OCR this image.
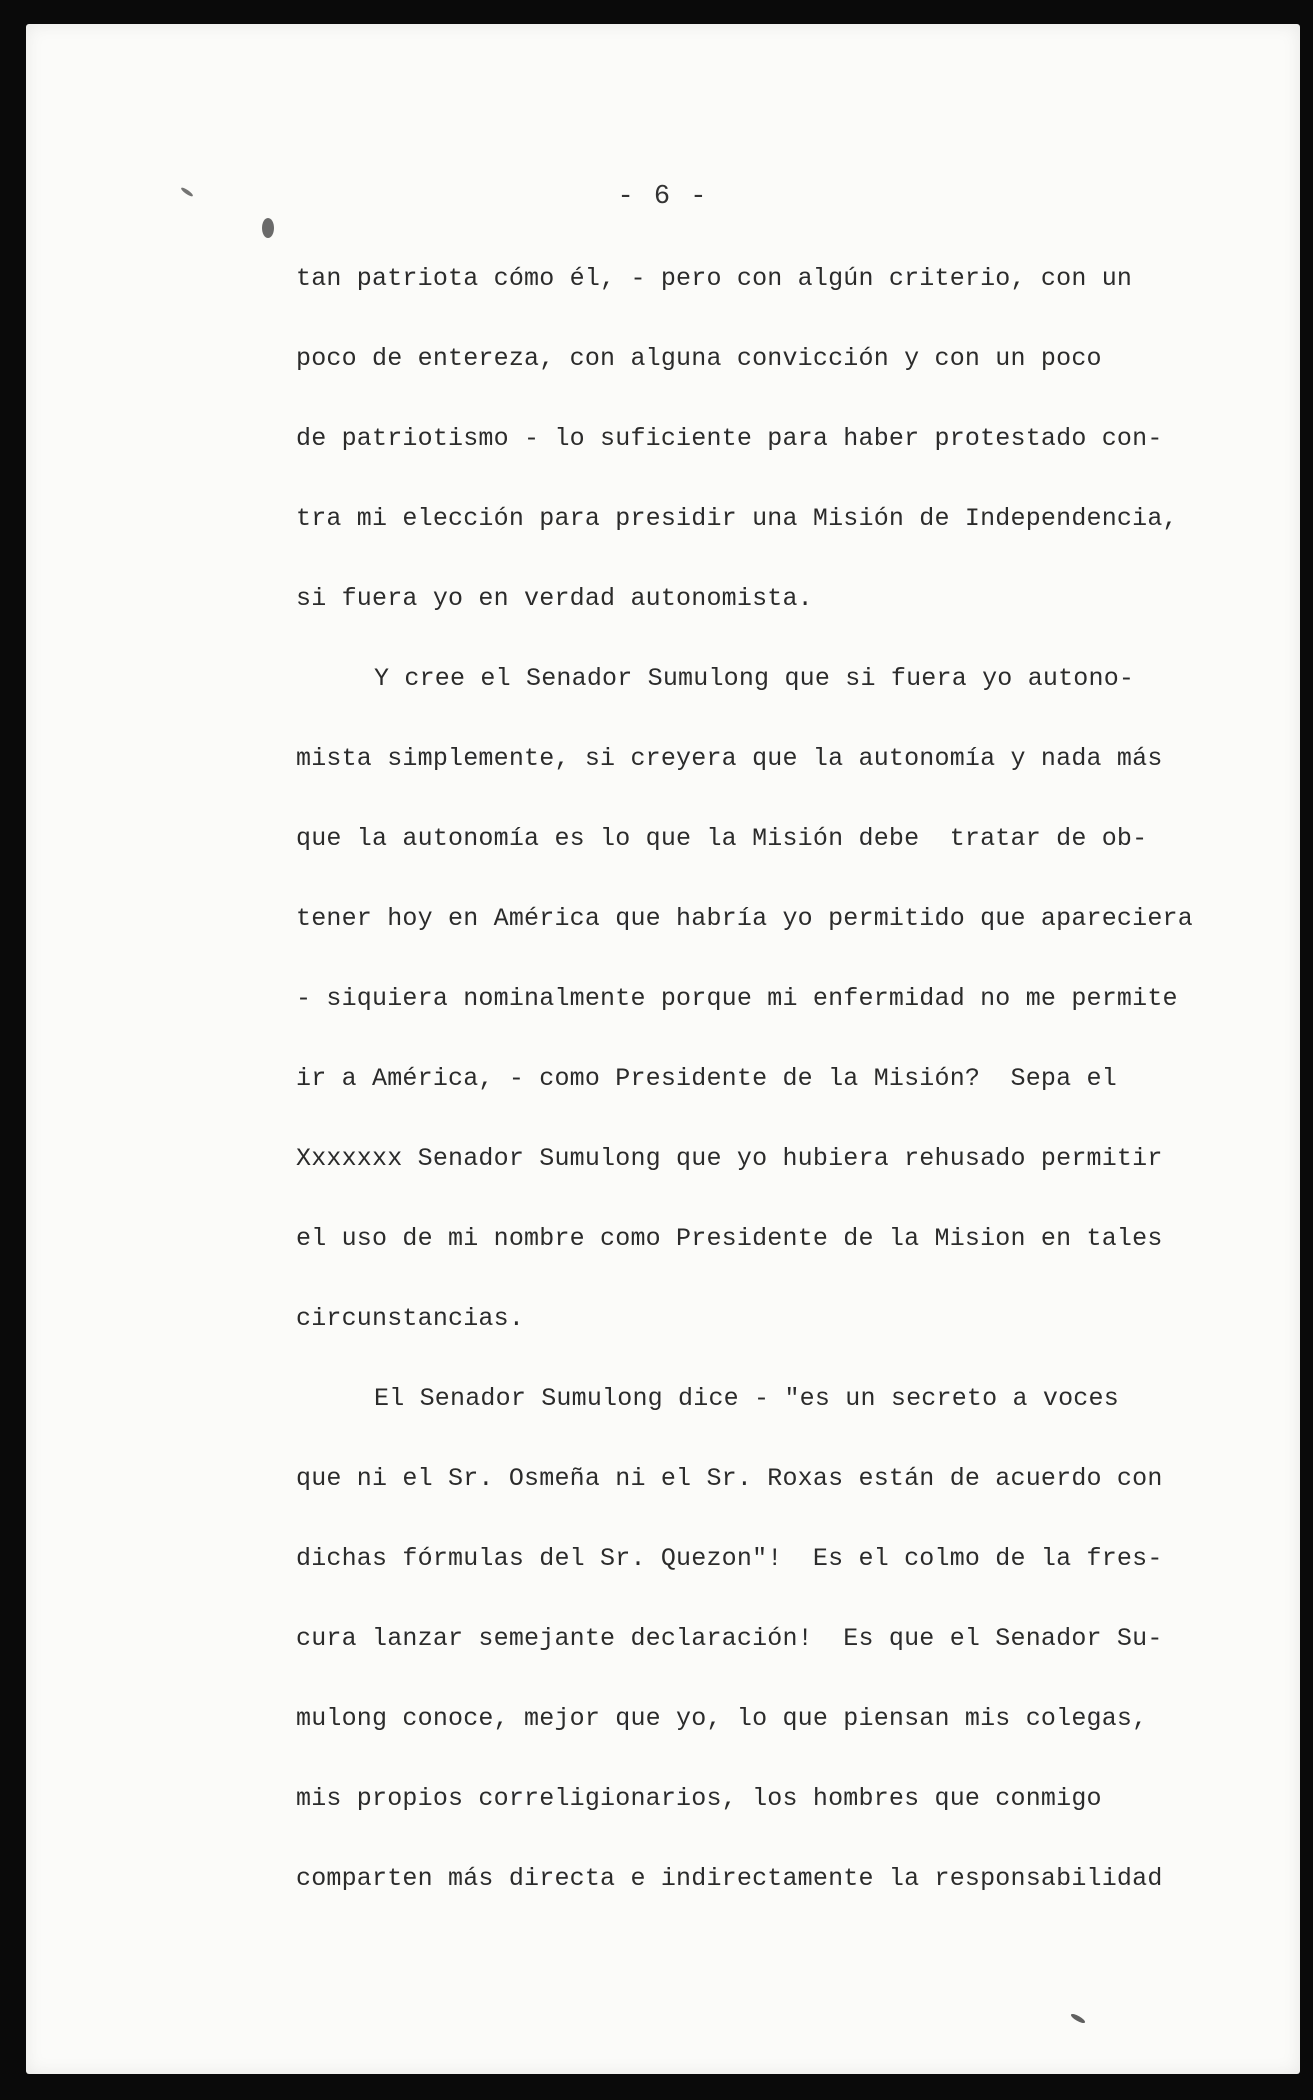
- 6 -
tan patriota cómo él, - pero con algún criterio, con un
poco de entereza, con alguna convicción y con un poco
de patriotismo - lo suficiente para haber protestado con-
tra mi elección para presidir una Misión de Independencia,
si fuera yo en verdad autonomista.
Y cree el Senador Sumulong que si fuera yo autono-
mista simplemente, si creyera que la autonomía y nada más
que la autonomía es lo que la Misión debe  tratar de ob-
tener hoy en América que habría yo permitido que apareciera
- siquiera nominalmente porque mi enfermidad no me permite
ir a América, - como Presidente de la Misión?  Sepa el
Xxxxxxx Senador Sumulong que yo hubiera rehusado permitir
el uso de mi nombre como Presidente de la Mision en tales
circunstancias.
El Senador Sumulong dice - "es un secreto a voces
que ni el Sr. Osmeña ni el Sr. Roxas están de acuerdo con
dichas fórmulas del Sr. Quezon"!  Es el colmo de la fres-
cura lanzar semejante declaración!  Es que el Senador Su-
mulong conoce, mejor que yo, lo que piensan mis colegas,
mis propios correligionarios, los hombres que conmigo
comparten más directa e indirectamente la responsabilidad
